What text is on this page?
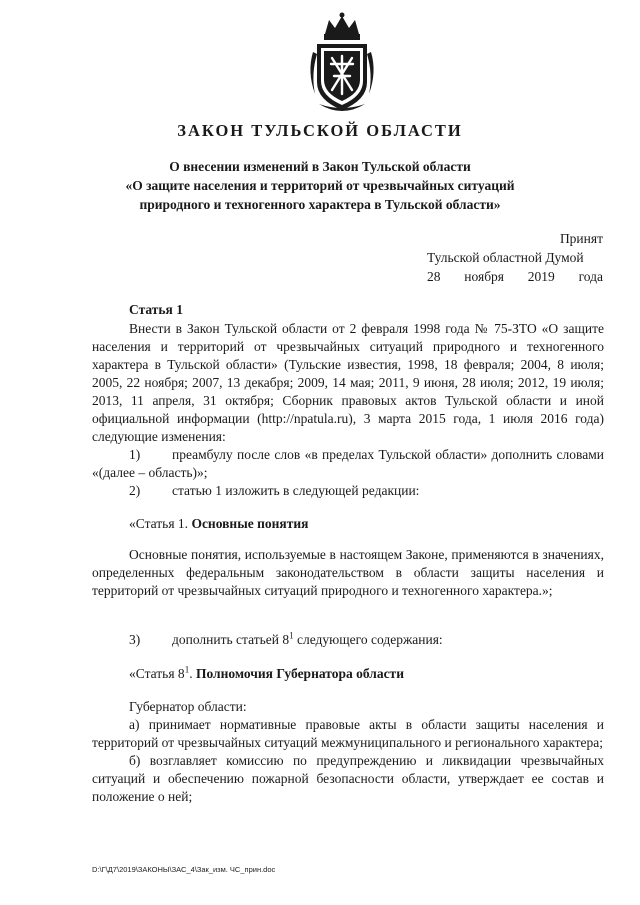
ЗАКОН ТУЛЬСКОЙ ОБЛАСТИ
О внесении изменений в Закон Тульской области
«О защите населения и территорий от чрезвычайных ситуаций
природного и техногенного характера в Тульской области»
Принят
Тульской областной Думой
28 ноября 2019 года
Статья 1
Внести в Закон Тульской области от 2 февраля 1998 года № 75-ЗТО «О защите населения и территорий от чрезвычайных ситуаций природного и техногенного характера в Тульской области» (Тульские известия, 1998, 18 февраля; 2004, 8 июля; 2005, 22 ноября; 2007, 13 декабря; 2009, 14 мая; 2011, 9 июня, 28 июля; 2012, 19 июля; 2013, 11 апреля, 31 октября; Сборник правовых актов Тульской области и иной официальной информации (http://npatula.ru), 3 марта 2015 года, 1 июля 2016 года) следующие изменения:
1) преамбулу после слов «в пределах Тульской области» дополнить словами «(далее – область)»;
2) статью 1 изложить в следующей редакции:
«Статья 1. Основные понятия
Основные понятия, используемые в настоящем Законе, применяются в значениях, определенных федеральным законодательством в области защиты населения и территорий от чрезвычайных ситуаций природного и техногенного характера.»;
3) дополнить статьей $8^1$ следующего содержания:
«Статья $8^1$. Полномочия Губернатора области
Губернатор области:
а) принимает нормативные правовые акты в области защиты населения и территорий от чрезвычайных ситуаций межмуниципального и регионального характера;
б) возглавляет комиссию по предупреждению и ликвидации чрезвычайных ситуаций и обеспечению пожарной безопасности области, утверждает ее состав и положение о ней;
D:\Г\Д7\2019\ЗАКОНЫ\ЗАС_4\Зак_изм. ЧС_прин.doc
